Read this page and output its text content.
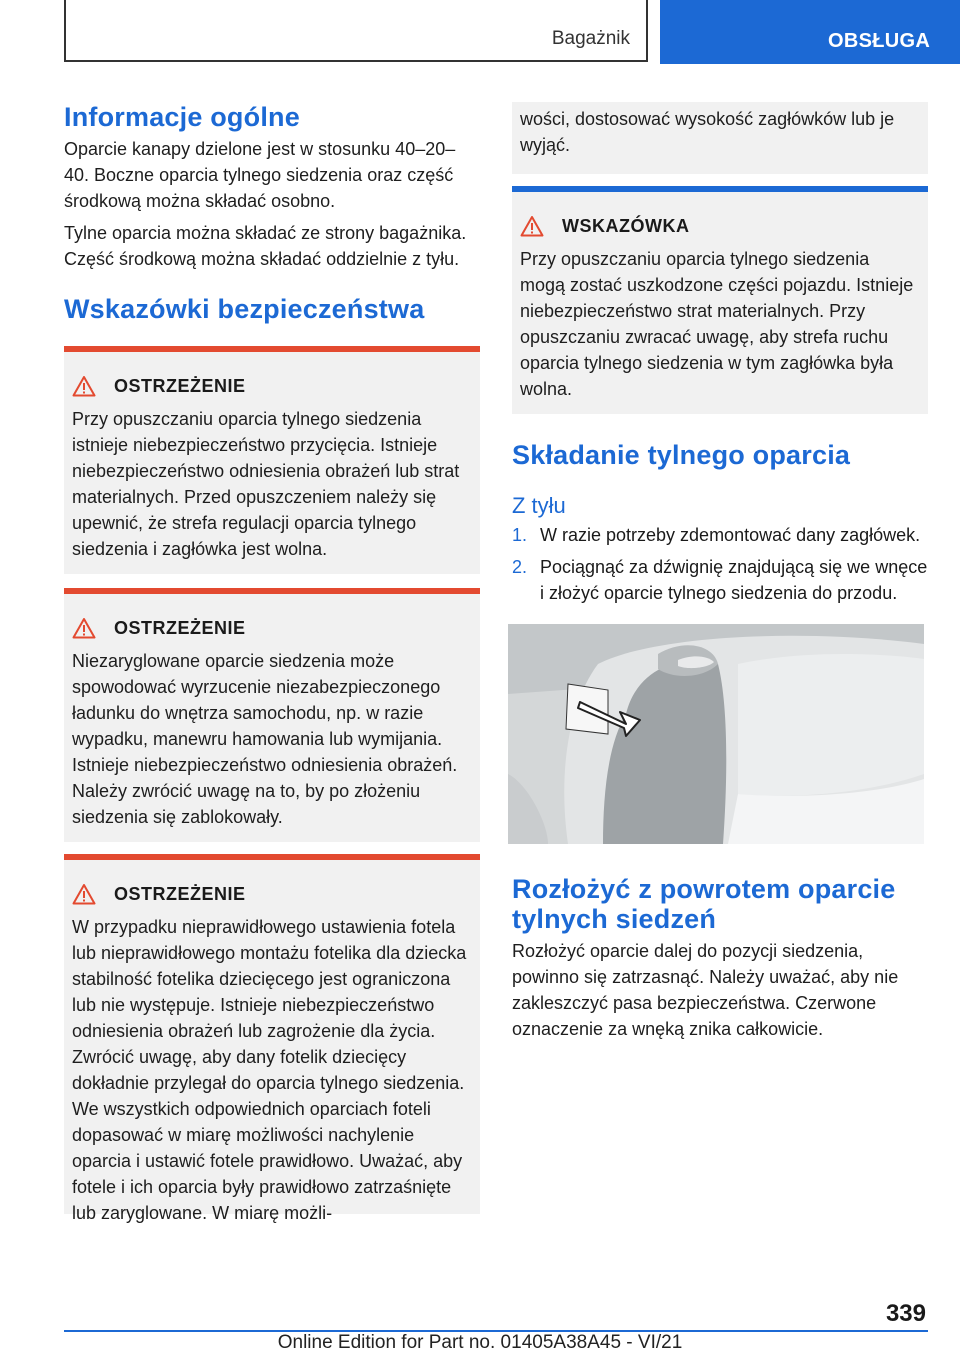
Bagażnik	OBSŁUGA
Informacje ogólne

Oparcie kanapy dzielone jest w stosunku 40–20–40. Boczne oparcia tylnego siedzenia oraz część środkową można składać osobno.

Tylne oparcia można składać ze strony bagażnika. Część środkową można składać oddzielnie z tyłu.

Wskazówki bezpieczeństwa
OSTRZEŻENIE

Przy opuszczaniu oparcia tylnego siedzenia istnieje niebezpieczeństwo przycięcia. Istnieje niebezpieczeństwo odniesienia obrażeń lub strat materialnych. Przed opuszczeniem należy się upewnić, że strefa regulacji oparcia tylnego siedzenia i zagłówka jest wolna.

OSTRZEŻENIE

Niezaryglowane oparcie siedzenia może spowodować wyrzucenie niezabezpieczonego ładunku do wnętrza samochodu, np. w razie wypadku, manewru hamowania lub wymijania. Istnieje niebezpieczeństwo odniesienia obrażeń. Należy zwrócić uwagę na to, by po złożeniu siedzenia się zablokowały.

OSTRZEŻENIE

W przypadku nieprawidłowego ustawienia fotela lub nieprawidłowego montażu fotelika dla dziecka stabilność fotelika dziecięcego jest ograniczona lub nie występuje. Istnieje niebezpieczeństwo odniesienia obrażeń lub zagrożenie dla życia. Zwrócić uwagę, aby dany fotelik dziecięcy dokładnie przylegał do oparcia tylnego siedzenia. We wszystkich odpowiednich oparciach foteli dopasować w miarę możliwości nachylenie oparcia i ustawić fotele prawidłowo. Uważać, aby fotele i ich oparcia były prawidłowo zatrzaśnięte lub zaryglowane. W miarę możli-

wości, dostosować wysokość zagłówków lub je wyjąć.

WSKAZÓWKA

Przy opuszczaniu oparcia tylnego siedzenia mogą zostać uszkodzone części pojazdu. Istnieje niebezpieczeństwo strat materialnych. Przy opuszczaniu zwracać uwagę, aby strefa ruchu oparcia tylnego siedzenia w tym zagłówka była wolna.

Składanie tylnego oparcia
Z tyłu
1. W razie potrzeby zdemontować dany zagłówek.
2. Pociągnąć za dźwignię znajdującą się we wnęce i złożyć oparcie tylnego siedzenia do przodu.
Rozłożyć z powrotem oparcie tylnych siedzeń

Rozłożyć oparcie dalej do pozycji siedzenia, powinno się zatrzasnąć. Należy uważać, aby nie zakleszczyć pasa bezpieczeństwa. Czerwone oznaczenie za wnęką znika całkowicie.

339
Online Edition for Part no. 01405A38A45 - VI/21
